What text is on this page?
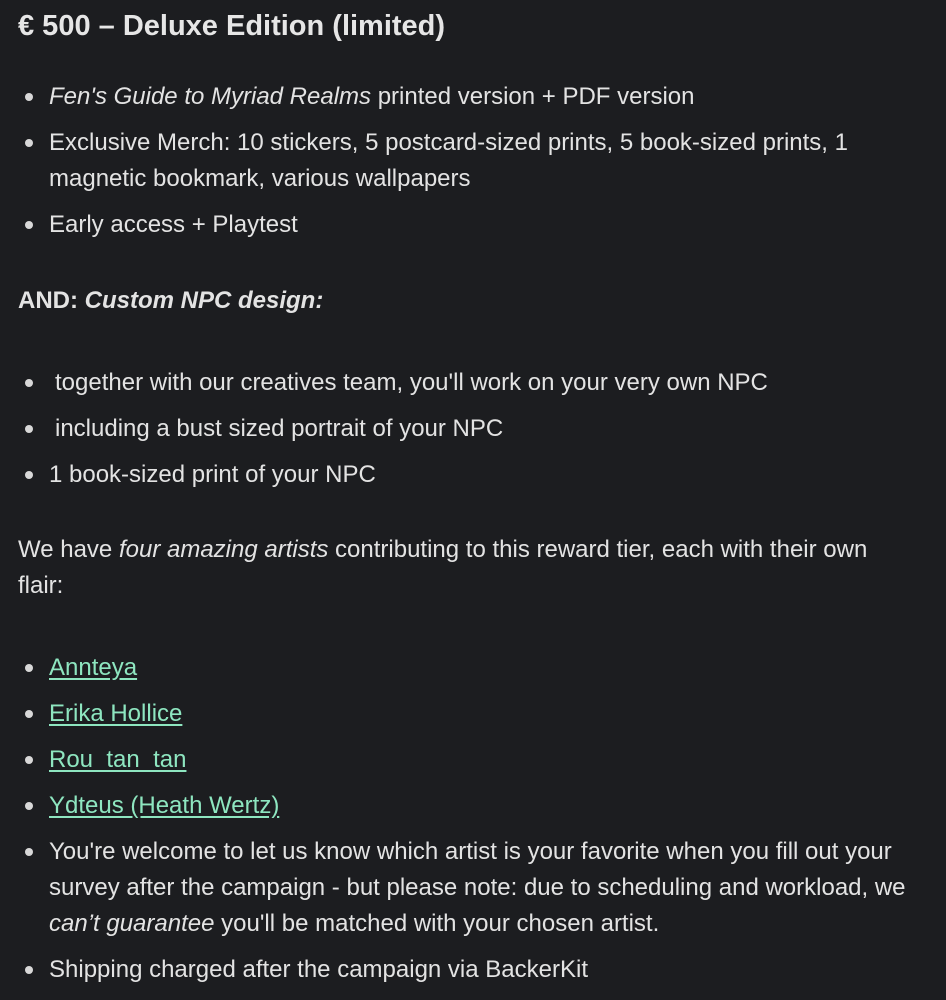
€ 500 – Deluxe Edition (limited)
Fen's Guide to Myriad Realms printed version + PDF version
Exclusive Merch: 10 stickers, 5 postcard-sized prints, 5 book-sized prints, 1 magnetic bookmark, various wallpapers
Early access + Playtest

AND: Custom NPC design:

together with our creatives team, you'll work on your very own NPC
including a bust sized portrait of your NPC
1 book-sized print of your NPC

We have four amazing artists contributing to this reward tier, each with their own flair:

Annteya
Erika Hollice
Rou_tan_tan
Ydteus (Heath Wertz)
You're welcome to let us know which artist is your favorite when you fill out your survey after the campaign - but please note: due to scheduling and workload, we can’t guarantee you'll be matched with your chosen artist.
Shipping charged after the campaign via BackerKit
